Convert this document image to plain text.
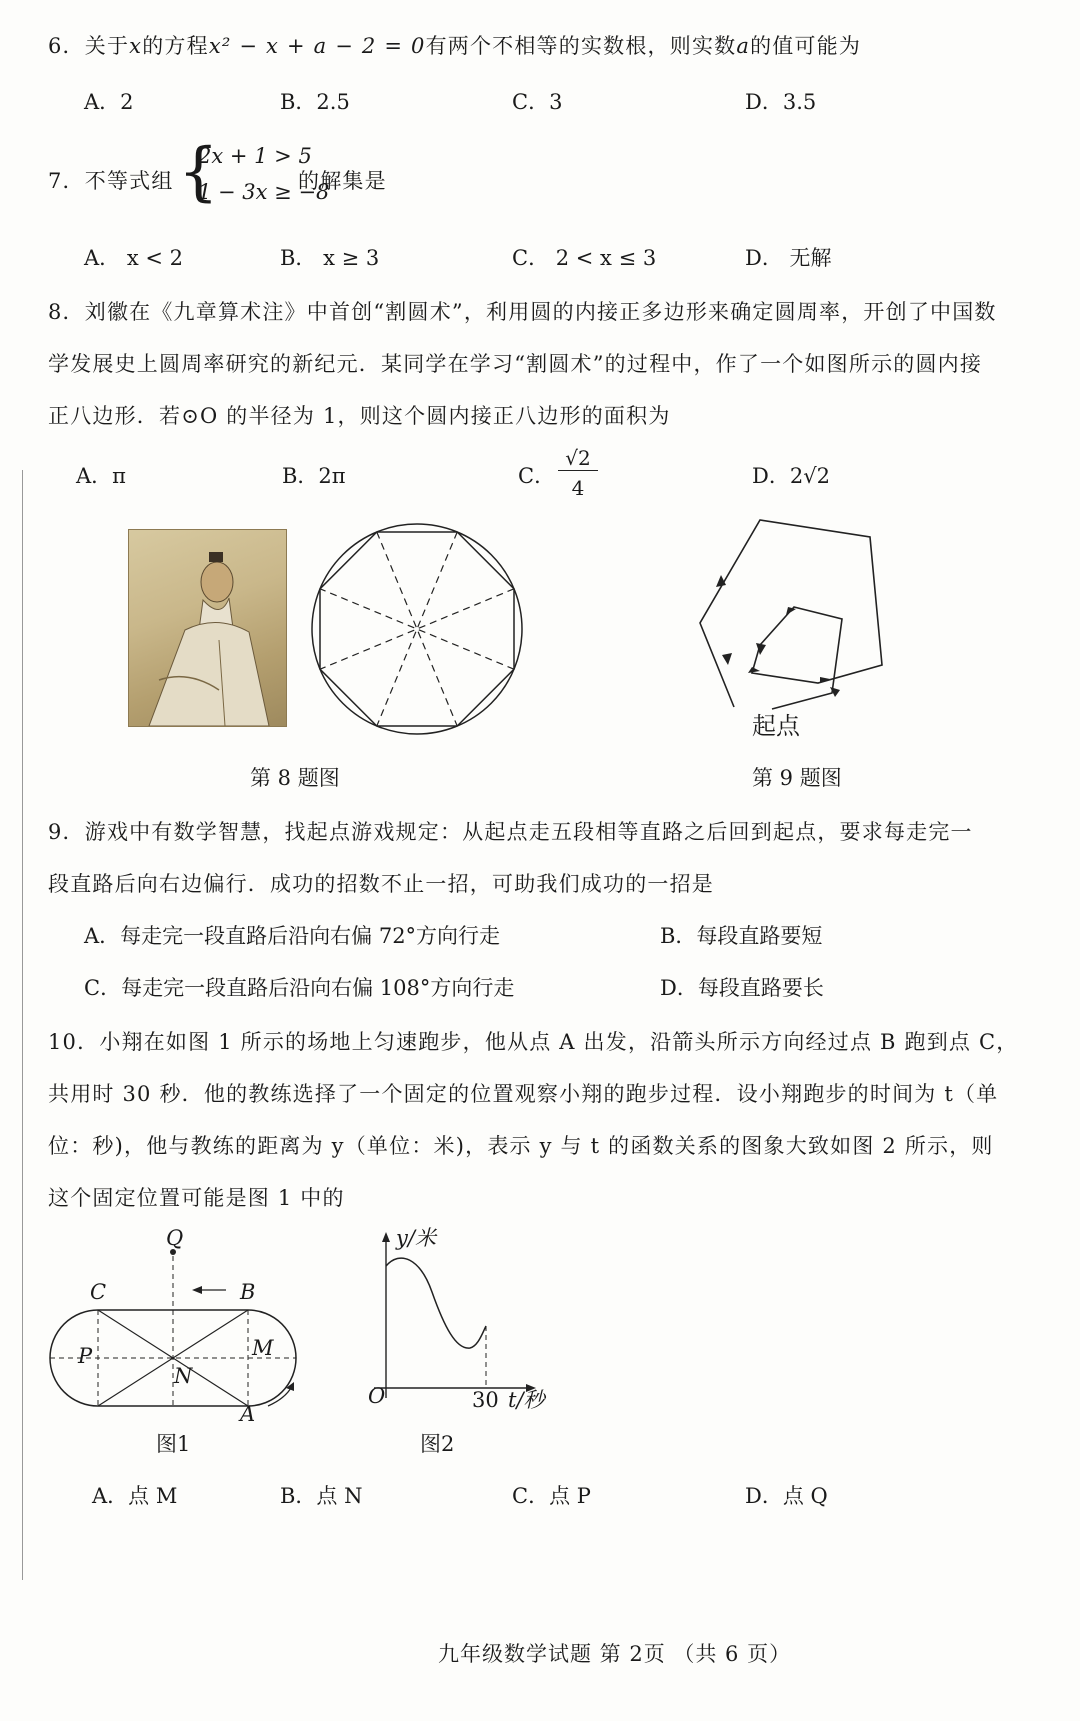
6．关于x的方程x² − x + a − 2 = 0有两个不相等的实数根，则实数a的值可能为
A．2	B．2.5	C．3	D．3.5
7．不等式组 {
2x + 1 > 5
1 − 3x ≥ −8
的解集是
A． x < 2	B． x ≥ 3	C． 2 < x ≤ 3	D． 无解
8．刘徽在《九章算术注》中首创“割圆术”，利用圆的内接正多边形来确定圆周率，开创了中国数
学发展史上圆周率研究的新纪元．某同学在学习“割圆术”的过程中，作了一个如图所示的圆内接
正八边形．若⊙O 的半径为 1，则这个圆内接正八边形的面积为
A．π	B．2π	C．
√2
4	D．2√2
第 8 题图
起点
第 9 题图
9．游戏中有数学智慧，找起点游戏规定：从起点走五段相等直路之后回到起点，要求每走完一
段直路后向右边偏行．成功的招数不止一招，可助我们成功的一招是
A．每走完一段直路后沿向右偏 72°方向行走	B．每段直路要短
C．每走完一段直路后沿向右偏 108°方向行走	D．每段直路要长
10．小翔在如图 1 所示的场地上匀速跑步，他从点 A 出发，沿箭头所示方向经过点 B 跑到点 C，
共用时 30 秒．他的教练选择了一个固定的位置观察小翔的跑步过程．设小翔跑步的时间为 t（单
位：秒)，他与教练的距离为 y（单位：米)，表示 y 与 t 的函数关系的图象大致如图 2 所示，则
这个固定位置可能是图 1 中的
Q
C	B
P	M
N
A
图1
y/米
O	30 t/秒
图2
A．点 M	B．点 N	C．点 P	D．点 Q
九年级数学试题 第 2页 （共 6 页）
